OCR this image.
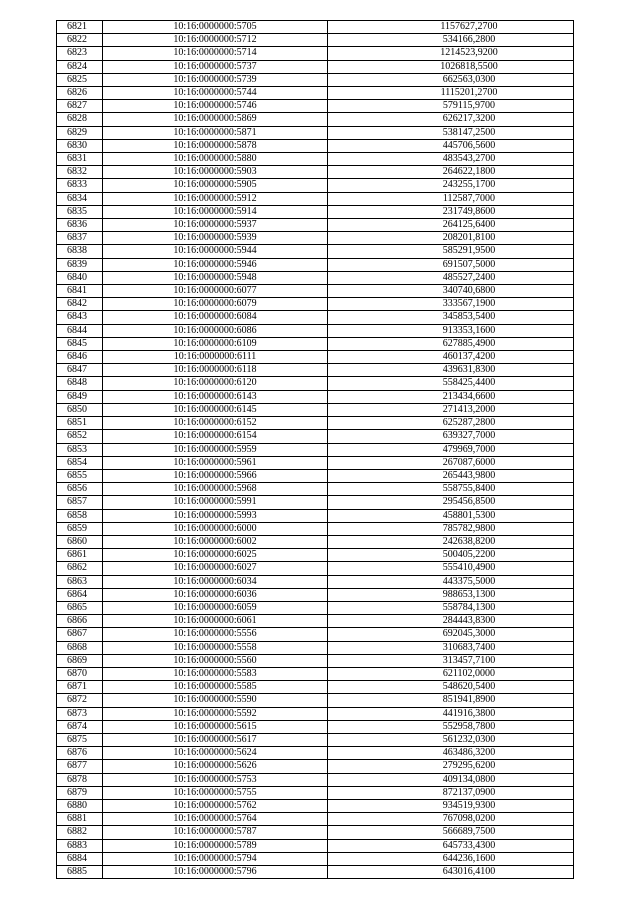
6821	10:16:0000000:5705	1157627,2700
6822	10:16:0000000:5712	534166,2800
6823	10:16:0000000:5714	1214523,9200
6824	10:16:0000000:5737	1026818,5500
6825	10:16:0000000:5739	662563,0300
6826	10:16:0000000:5744	1115201,2700
6827	10:16:0000000:5746	579115,9700
6828	10:16:0000000:5869	626217,3200
6829	10:16:0000000:5871	538147,2500
6830	10:16:0000000:5878	445706,5600
6831	10:16:0000000:5880	483543,2700
6832	10:16:0000000:5903	264622,1800
6833	10:16:0000000:5905	243255,1700
6834	10:16:0000000:5912	112587,7000
6835	10:16:0000000:5914	231749,8600
6836	10:16:0000000:5937	264125,6400
6837	10:16:0000000:5939	208201,8100
6838	10:16:0000000:5944	585291,9500
6839	10:16:0000000:5946	691507,5000
6840	10:16:0000000:5948	485527,2400
6841	10:16:0000000:6077	340740,6800
6842	10:16:0000000:6079	333567,1900
6843	10:16:0000000:6084	345853,5400
6844	10:16:0000000:6086	913353,1600
6845	10:16:0000000:6109	627885,4900
6846	10:16:0000000:6111	460137,4200
6847	10:16:0000000:6118	439631,8300
6848	10:16:0000000:6120	558425,4400
6849	10:16:0000000:6143	213434,6600
6850	10:16:0000000:6145	271413,2000
6851	10:16:0000000:6152	625287,2800
6852	10:16:0000000:6154	639327,7000
6853	10:16:0000000:5959	479969,7000
6854	10:16:0000000:5961	267087,6000
6855	10:16:0000000:5966	265443,9800
6856	10:16:0000000:5968	558755,8400
6857	10:16:0000000:5991	295456,8500
6858	10:16:0000000:5993	458801,5300
6859	10:16:0000000:6000	785782,9800
6860	10:16:0000000:6002	242638,8200
6861	10:16:0000000:6025	500405,2200
6862	10:16:0000000:6027	555410,4900
6863	10:16:0000000:6034	443375,5000
6864	10:16:0000000:6036	988653,1300
6865	10:16:0000000:6059	558784,1300
6866	10:16:0000000:6061	284443,8300
6867	10:16:0000000:5556	692045,3000
6868	10:16:0000000:5558	310683,7400
6869	10:16:0000000:5560	313457,7100
6870	10:16:0000000:5583	621102,0000
6871	10:16:0000000:5585	548620,5400
6872	10:16:0000000:5590	851941,8900
6873	10:16:0000000:5592	441916,3800
6874	10:16:0000000:5615	552958,7800
6875	10:16:0000000:5617	561232,0300
6876	10:16:0000000:5624	463486,3200
6877	10:16:0000000:5626	279295,6200
6878	10:16:0000000:5753	409134,0800
6879	10:16:0000000:5755	872137,0900
6880	10:16:0000000:5762	934519,9300
6881	10:16:0000000:5764	767098,0200
6882	10:16:0000000:5787	566689,7500
6883	10:16:0000000:5789	645733,4300
6884	10:16:0000000:5794	644236,1600
6885	10:16:0000000:5796	643016,4100
